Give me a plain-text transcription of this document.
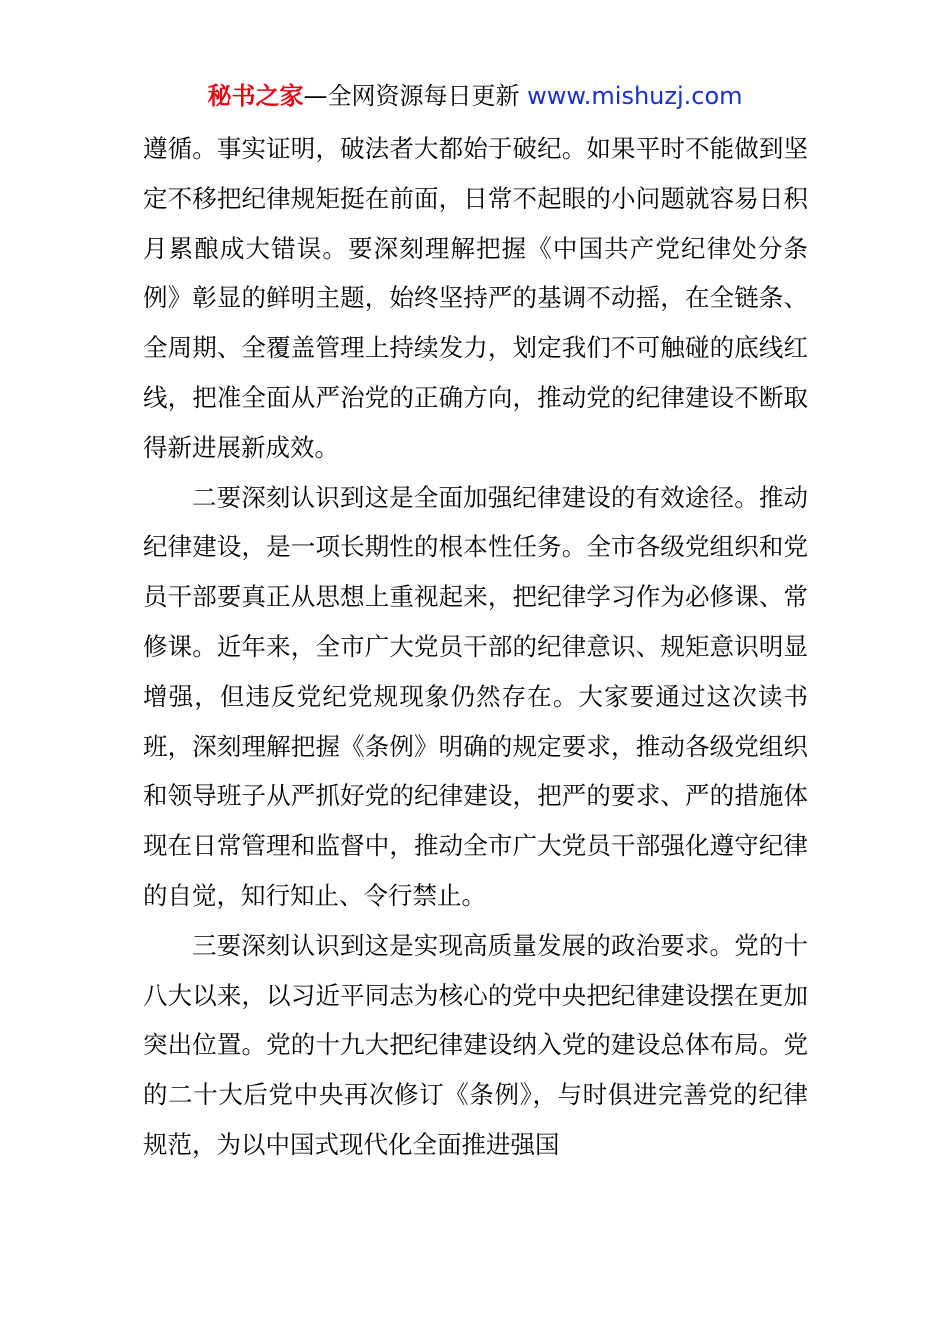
秘书之家—全网资源每日更新 www.mishuzj.com

遵循。事实证明，破法者大都始于破纪。如果平时不能做到坚定不移把纪律规矩挺在前面，日常不起眼的小问题就容易日积月累酿成大错误。要深刻理解把握《中国共产党纪律处分条例》彰显的鲜明主题，始终坚持严的基调不动摇，在全链条、全周期、全覆盖管理上持续发力，划定我们不可触碰的底线红线，把准全面从严治党的正确方向，推动党的纪律建设不断取得新进展新成效。

二要深刻认识到这是全面加强纪律建设的有效途径。推动纪律建设，是一项长期性的根本性任务。全市各级党组织和党员干部要真正从思想上重视起来，把纪律学习作为必修课、常修课。近年来，全市广大党员干部的纪律意识、规矩意识明显增强，但违反党纪党规现象仍然存在。大家要通过这次读书班，深刻理解把握《条例》明确的规定要求，推动各级党组织和领导班子从严抓好党的纪律建设，把严的要求、严的措施体现在日常管理和监督中，推动全市广大党员干部强化遵守纪律的自觉，知行知止、令行禁止。

三要深刻认识到这是实现高质量发展的政治要求。党的十八大以来，以习近平同志为核心的党中央把纪律建设摆在更加突出位置。党的十九大把纪律建设纳入党的建设总体布局。党的二十大后党中央再次修订《条例》，与时俱进完善党的纪律规范，为以中国式现代化全面推进强国
